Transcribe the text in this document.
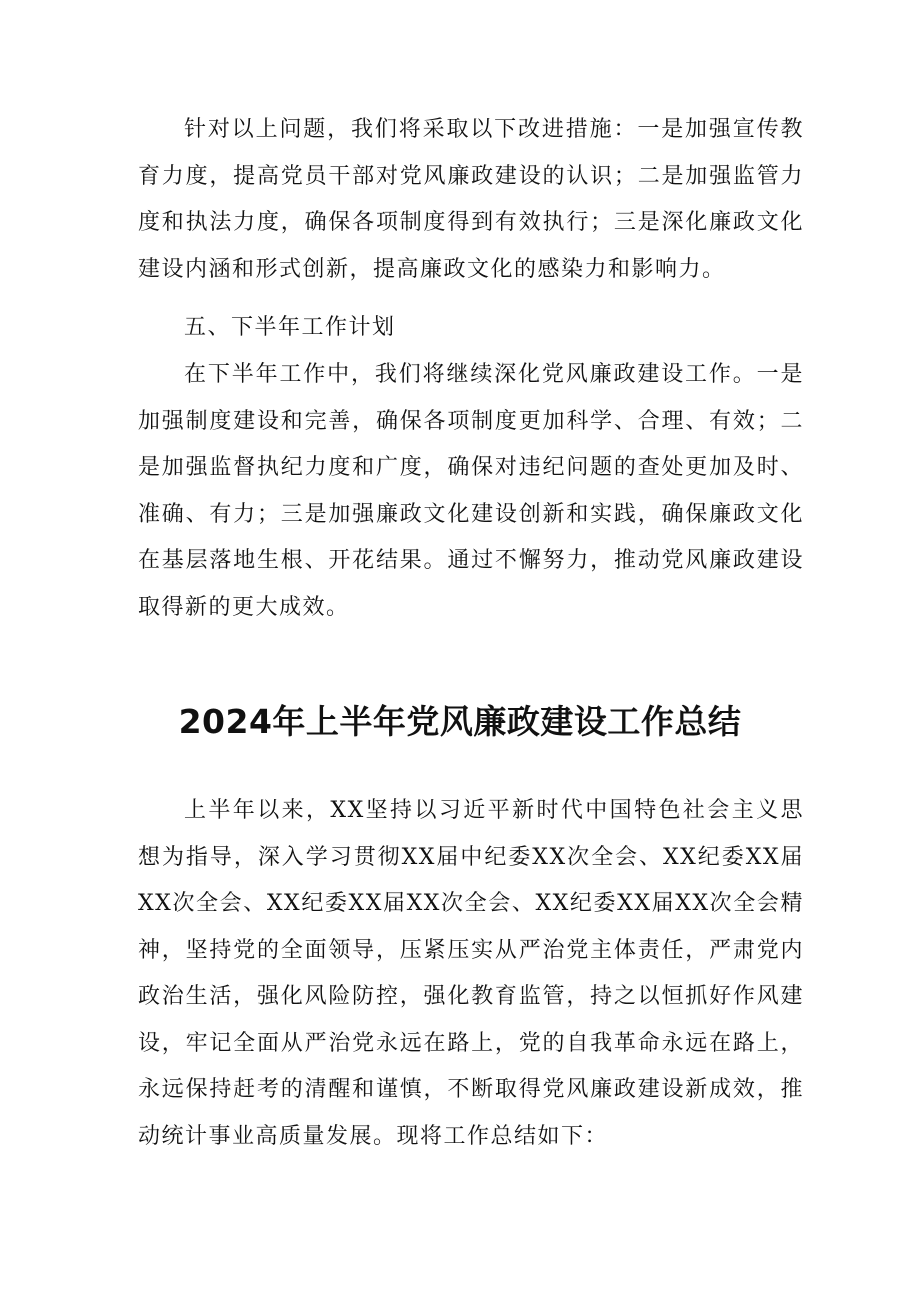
针对以上问题，我们将采取以下改进措施：一是加强宣传教育力度，提高党员干部对党风廉政建设的认识；二是加强监管力度和执法力度，确保各项制度得到有效执行；三是深化廉政文化建设内涵和形式创新，提高廉政文化的感染力和影响力。

五、下半年工作计划

在下半年工作中，我们将继续深化党风廉政建设工作。一是加强制度建设和完善，确保各项制度更加科学、合理、有效；二是加强监督执纪力度和广度，确保对违纪问题的查处更加及时、准确、有力；三是加强廉政文化建设创新和实践，确保廉政文化在基层落地生根、开花结果。通过不懈努力，推动党风廉政建设取得新的更大成效。

2024年上半年党风廉政建设工作总结

上半年以来，XX坚持以习近平新时代中国特色社会主义思想为指导，深入学习贯彻XX届中纪委XX次全会、XX纪委XX届XX次全会、XX纪委XX届XX次全会、XX纪委XX届XX次全会精神，坚持党的全面领导，压紧压实从严治党主体责任，严肃党内政治生活，强化风险防控，强化教育监管，持之以恒抓好作风建设，牢记全面从严治党永远在路上，党的自我革命永远在路上，永远保持赶考的清醒和谨慎，不断取得党风廉政建设新成效，推动统计事业高质量发展。现将工作总结如下：
